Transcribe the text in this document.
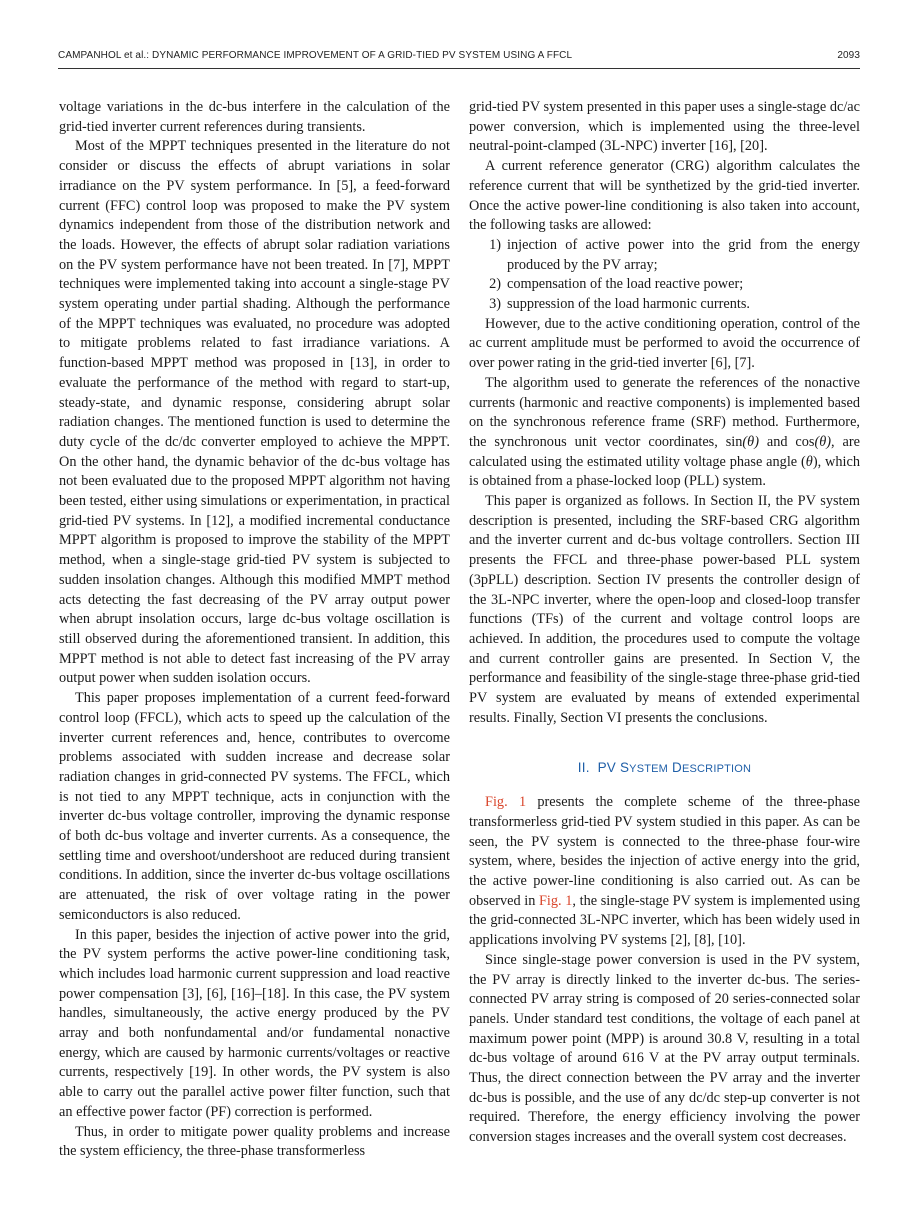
CAMPANHOL et al.: DYNAMIC PERFORMANCE IMPROVEMENT OF A GRID-TIED PV SYSTEM USING A FFCL	2093

voltage variations in the dc-bus interfere in the calculation of the grid-tied inverter current references during transients.

Most of the MPPT techniques presented in the literature do not consider or discuss the effects of abrupt variations in solar irradiance on the PV system performance. In [5], a feed-forward current (FFC) control loop was proposed to make the PV system dynamics independent from those of the distribution network and the loads. However, the effects of abrupt solar radiation variations on the PV system performance have not been treated. In [7], MPPT techniques were implemented taking into account a single-stage PV system operating under partial shading. Although the performance of the MPPT techniques was evaluated, no procedure was adopted to mitigate problems related to fast irradiance variations. A function-based MPPT method was proposed in [13], in order to evaluate the performance of the method with regard to start-up, steady-state, and dynamic response, considering abrupt solar radiation changes. The mentioned function is used to determine the duty cycle of the dc/dc converter employed to achieve the MPPT. On the other hand, the dynamic behavior of the dc-bus voltage has not been evaluated due to the proposed MPPT algorithm not having been tested, either using simulations or experimentation, in practical grid-tied PV systems. In [12], a modified incremental conductance MPPT algorithm is proposed to improve the stability of the MPPT method, when a single-stage grid-tied PV system is subjected to sudden insolation changes. Although this modified MMPT method acts detecting the fast decreasing of the PV array output power when abrupt insolation occurs, large dc-bus voltage oscillation is still observed during the aforementioned transient. In addition, this MPPT method is not able to detect fast increasing of the PV array output power when sudden isolation occurs.

This paper proposes implementation of a current feed-forward control loop (FFCL), which acts to speed up the calculation of the inverter current references and, hence, contributes to overcome problems associated with sudden increase and decrease solar radiation changes in grid-connected PV systems. The FFCL, which is not tied to any MPPT technique, acts in conjunction with the inverter dc-bus voltage controller, improving the dynamic response of both dc-bus voltage and inverter currents. As a consequence, the settling time and overshoot/undershoot are reduced during transient conditions. In addition, since the inverter dc-bus voltage oscillations are attenuated, the risk of over voltage rating in the power semiconductors is also reduced.

In this paper, besides the injection of active power into the grid, the PV system performs the active power-line conditioning task, which includes load harmonic current suppression and load reactive power compensation [3], [6], [16]–[18]. In this case, the PV system handles, simultaneously, the active energy produced by the PV array and both nonfundamental and/or fundamental nonactive energy, which are caused by harmonic currents/voltages or reactive currents, respectively [19]. In other words, the PV system is also able to carry out the parallel active power filter function, such that an effective power factor (PF) correction is performed.

Thus, in order to mitigate power quality problems and increase the system efficiency, the three-phase transformerless

grid-tied PV system presented in this paper uses a single-stage dc/ac power conversion, which is implemented using the three-level neutral-point-clamped (3L-NPC) inverter [16], [20].

A current reference generator (CRG) algorithm calculates the reference current that will be synthetized by the grid-tied inverter. Once the active power-line conditioning is also taken into account, the following tasks are allowed:

1) injection of active power into the grid from the energy produced by the PV array;
2) compensation of the load reactive power;
3) suppression of the load harmonic currents.

However, due to the active conditioning operation, control of the ac current amplitude must be performed to avoid the occurrence of over power rating in the grid-tied inverter [6], [7].

The algorithm used to generate the references of the nonactive currents (harmonic and reactive components) is implemented based on the synchronous reference frame (SRF) method. Furthermore, the synchronous unit vector coordinates, sin(θ) and cos(θ), are calculated using the estimated utility voltage phase angle (θ), which is obtained from a phase-locked loop (PLL) system.

This paper is organized as follows. In Section II, the PV system description is presented, including the SRF-based CRG algorithm and the inverter current and dc-bus voltage controllers. Section III presents the FFCL and three-phase power-based PLL system (3pPLL) description. Section IV presents the controller design of the 3L-NPC inverter, where the open-loop and closed-loop transfer functions (TFs) of the current and voltage control loops are achieved. In addition, the procedures used to compute the voltage and current controller gains are presented. In Section V, the performance and feasibility of the single-stage three-phase grid-tied PV system are evaluated by means of extended experimental results. Finally, Section VI presents the conclusions.

II. PV SYSTEM DESCRIPTION

Fig. 1 presents the complete scheme of the three-phase transformerless grid-tied PV system studied in this paper. As can be seen, the PV system is connected to the three-phase four-wire system, where, besides the injection of active energy into the grid, the active power-line conditioning is also carried out. As can be observed in Fig. 1, the single-stage PV system is implemented using the grid-connected 3L-NPC inverter, which has been widely used in applications involving PV systems [2], [8], [10].

Since single-stage power conversion is used in the PV system, the PV array is directly linked to the inverter dc-bus. The series-connected PV array string is composed of 20 series-connected solar panels. Under standard test conditions, the voltage of each panel at maximum power point (MPP) is around 30.8 V, resulting in a total dc-bus voltage of around 616 V at the PV array output terminals. Thus, the direct connection between the PV array and the inverter dc-bus is possible, and the use of any dc/dc step-up converter is not required. Therefore, the energy efficiency involving the power conversion stages increases and the overall system cost decreases.
